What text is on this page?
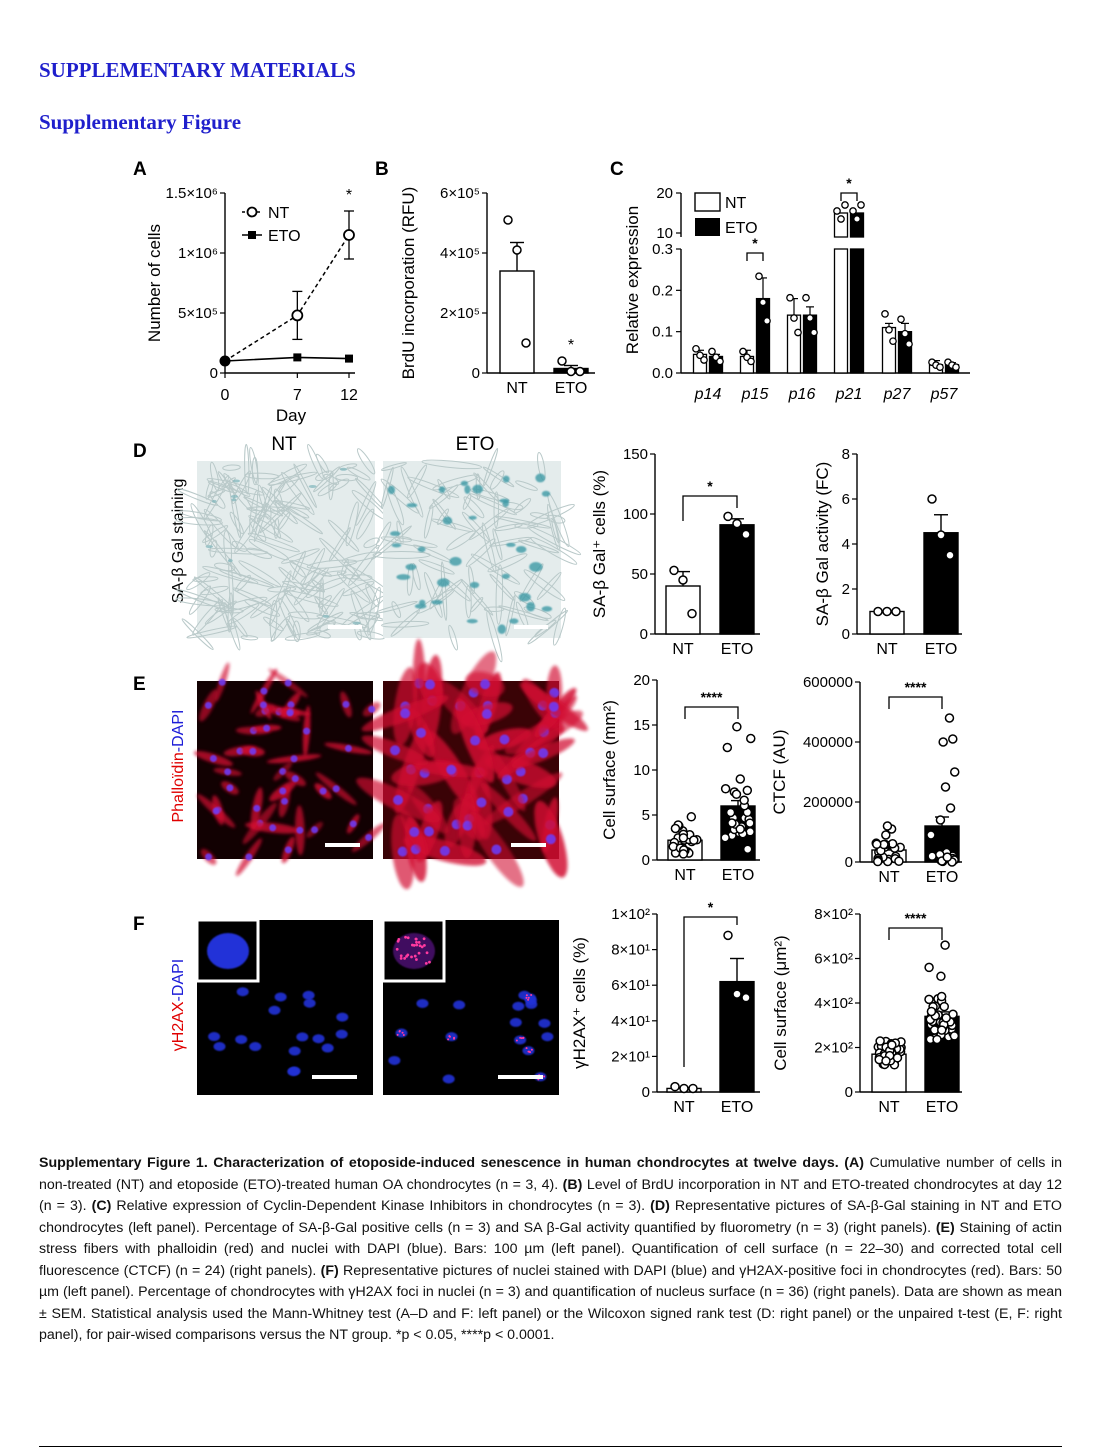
SUPPLEMENTARY MATERIALS
Supplementary Figure
A	B	C
D
E
F
NT	ETO
SA-β Gal staining
Phalloïdin-DAPI
γH2AX-DAPI
0
5×10⁵
1×10⁶
1.5×10⁶
0	7 12
Day
Number of cells
*
NT
ETO
0
2×10⁵
4×10⁵
6×10⁵
BrdU incorporation (RFU)
NT ETO
*
0.0
0.1
0.2
0.3
10
20
Relative expression
p14 p15 p16 p21 p27 p57
*
*
NT
ETO
0
50
100
150
SA-β Gal⁺ cells (%)
NT ETO
*
0
2
4
6
8
SA-β Gal activity (FC)
NT ETO
0
5
10
15
20
Cell surface (mm²)
NT ETO
****
0
200000
400000
600000
CTCF (AU)
NT ETO
****
0
2×10¹
4×10¹
6×10¹
8×10¹
1×10²
γH2AX⁺ cells (%)
NT ETO
*
0
2×10²
4×10²
6×10²
8×10²
Cell surface (μm²)
NT ETO
****
Supplementary Figure 1. Characterization of etoposide-induced senescence in human chondrocytes at twelve days. (A) Cumulative number of cells in non-treated (NT) and etoposide (ETO)-treated human OA chondrocytes (n = 3, 4). (B) Level of BrdU incorporation in NT and ETO-treated chondrocytes at day 12 (n = 3). (C) Relative expression of Cyclin-Dependent Kinase Inhibitors in chondrocytes (n = 3). (D) Representative pictures of SA-β-Gal staining in NT and ETO chondrocytes (left panel). Percentage of SA-β-Gal positive cells (n = 3) and SA β-Gal activity quantified by fluorometry (n = 3) (right panels). (E) Staining of actin stress fibers with phalloidin (red) and nuclei with DAPI (blue). Bars: 100 µm (left panel). Quantification of cell surface (n = 22–30) and corrected total cell fluorescence (CTCF) (n = 24) (right panels). (F) Representative pictures of nuclei stained with DAPI (blue) and γH2AX-positive foci in chondrocytes (red). Bars: 50 µm (left panel). Percentage of chondrocytes with γH2AX foci in nuclei (n = 3) and quantification of nucleus surface (n = 36) (right panels). Data are shown as mean ± SEM. Statistical analysis used the Mann-Whitney test (A–D and F: left panel) or the Wilcoxon signed rank test (D: right panel) or the unpaired t-test (E, F: right panel), for pair-wised comparisons versus the NT group. *p < 0.05, ****p < 0.0001.
